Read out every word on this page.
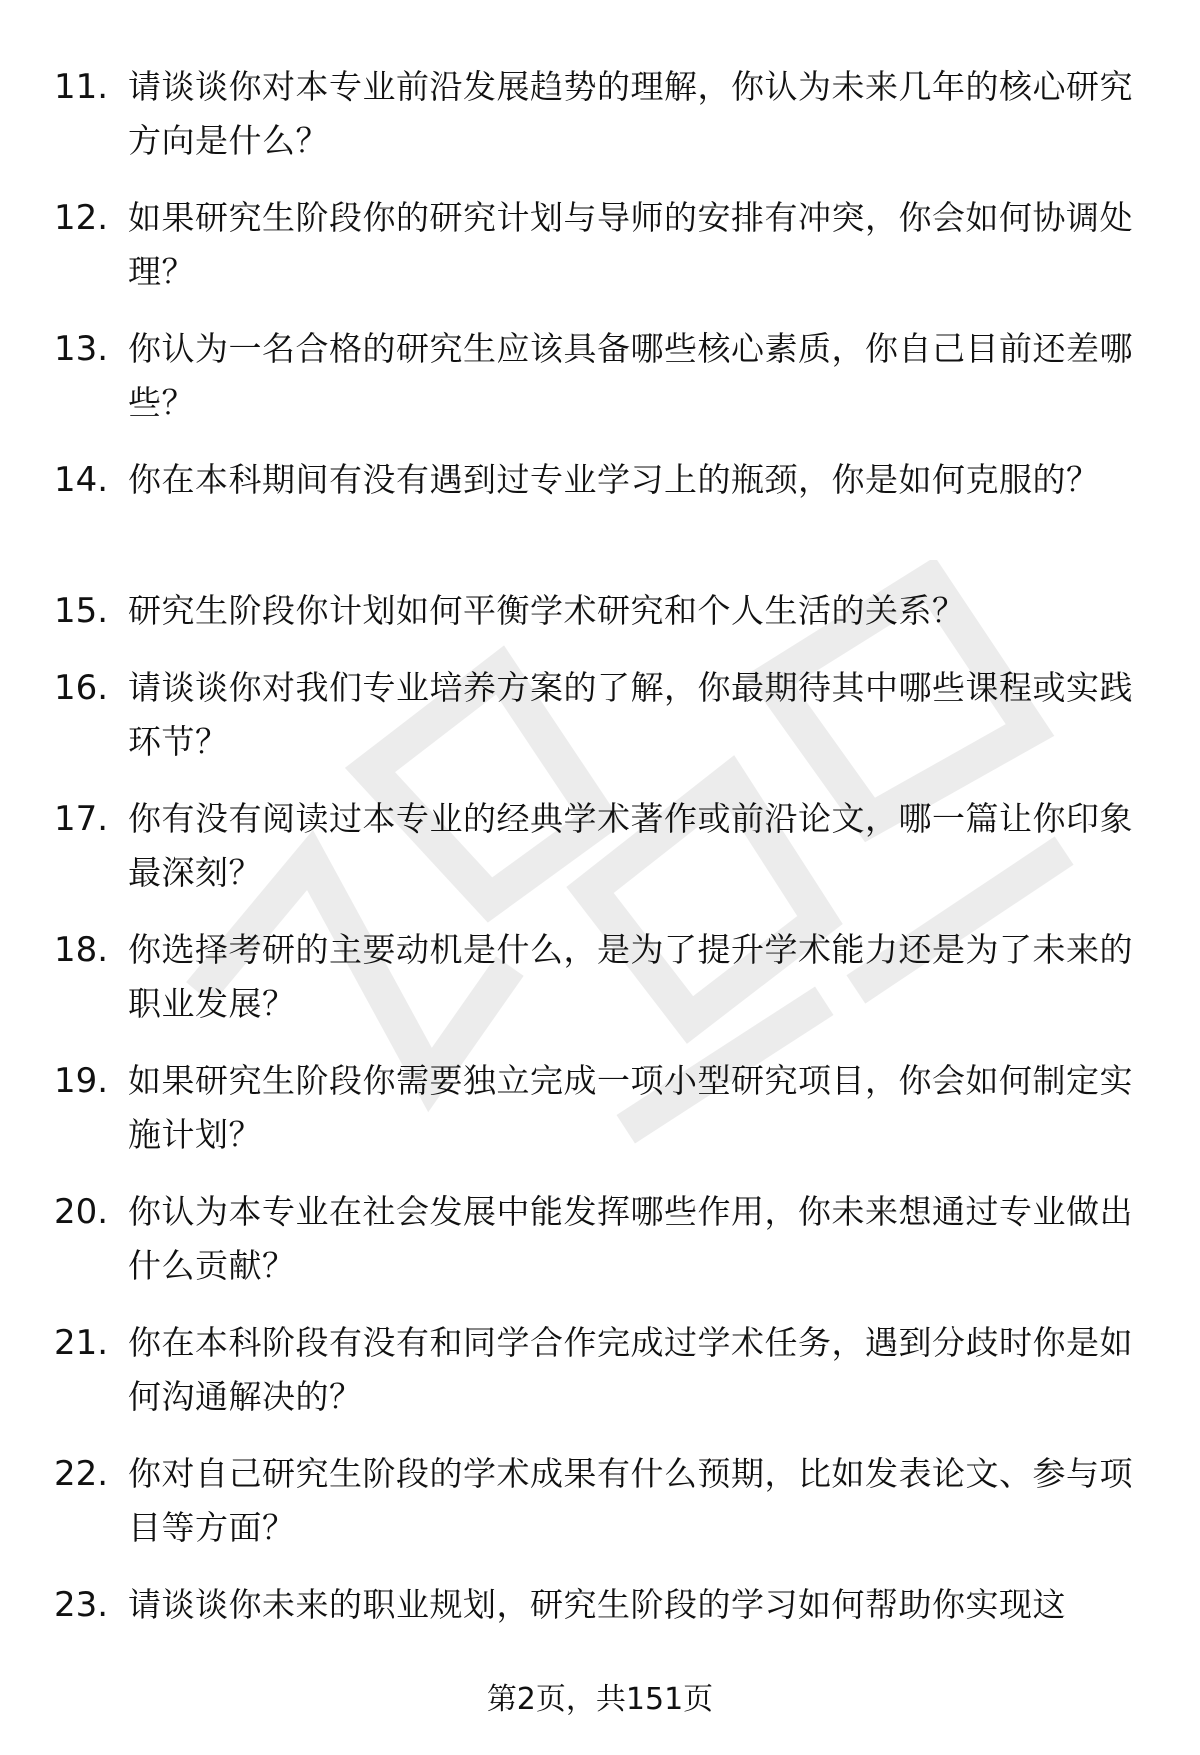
11. 请谈谈你对本专业前沿发展趋势的理解，你认为未来几年的核心研究方向是什么？
12. 如果研究生阶段你的研究计划与导师的安排有冲突，你会如何协调处理？
13. 你认为一名合格的研究生应该具备哪些核心素质，你自己目前还差哪些？
14. 你在本科期间有没有遇到过专业学习上的瓶颈，你是如何克服的？
15. 研究生阶段你计划如何平衡学术研究和个人生活的关系？
16. 请谈谈你对我们专业培养方案的了解，你最期待其中哪些课程或实践环节？
17. 你有没有阅读过本专业的经典学术著作或前沿论文，哪一篇让你印象最深刻？
18. 你选择考研的主要动机是什么，是为了提升学术能力还是为了未来的职业发展？
19. 如果研究生阶段你需要独立完成一项小型研究项目，你会如何制定实施计划？
20. 你认为本专业在社会发展中能发挥哪些作用，你未来想通过专业做出什么贡献？
21. 你在本科阶段有没有和同学合作完成过学术任务，遇到分歧时你是如何沟通解决的？
22. 你对自己研究生阶段的学术成果有什么预期，比如发表论文、参与项目等方面？
23. 请谈谈你未来的职业规划，研究生阶段的学习如何帮助你实现这
第2页，共151页
